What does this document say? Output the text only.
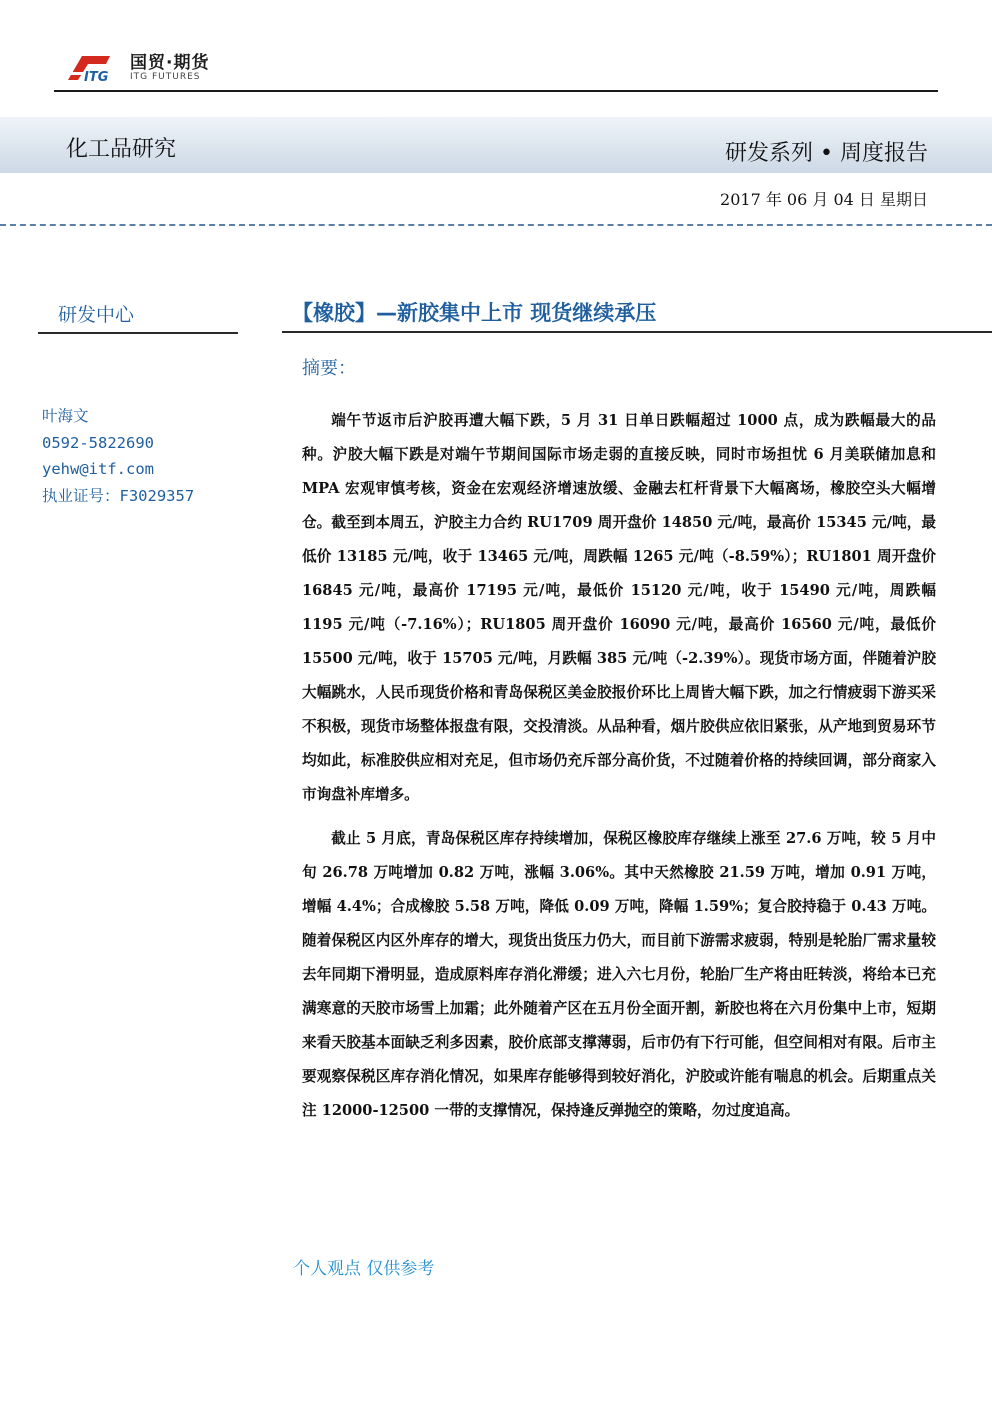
ITG
国贸·期货
ITG FUTURES
化工品研究	研发系列 • 周度报告
2017 年 06 月 04 日 星期日
研发中心
叶海文
0592-5822690
yehw@itf.com
执业证号：F3029357
【橡胶】—新胶集中上市 现货继续承压
摘要：

端午节返市后沪胶再遭大幅下跌，5 月 31 日单日跌幅超过 1000 点，成为跌幅最大的品种。沪胶大幅下跌是对端午节期间国际市场走弱的直接反映，同时市场担忧 6 月美联储加息和 MPA 宏观审慎考核，资金在宏观经济增速放缓、金融去杠杆背景下大幅离场，橡胶空头大幅增仓。截至到本周五，沪胶主力合约 RU1709 周开盘价 14850 元/吨，最高价 15345 元/吨，最低价 13185 元/吨，收于 13465 元/吨，周跌幅 1265 元/吨（-8.59%）；RU1801 周开盘价 16845 元/吨，最高价 17195 元/吨，最低价 15120 元/吨，收于 15490 元/吨，周跌幅 1195 元/吨（-7.16%）；RU1805 周开盘价 16090 元/吨，最高价 16560 元/吨，最低价 15500 元/吨，收于 15705 元/吨，月跌幅 385 元/吨（-2.39%）。现货市场方面，伴随着沪胶大幅跳水，人民币现货价格和青岛保税区美金胶报价环比上周皆大幅下跌，加之行情疲弱下游买采不积极，现货市场整体报盘有限，交投清淡。从品种看，烟片胶供应依旧紧张，从产地到贸易环节均如此，标准胶供应相对充足，但市场仍充斥部分高价货，不过随着价格的持续回调，部分商家入市询盘补库增多。

截止 5 月底，青岛保税区库存持续增加，保税区橡胶库存继续上涨至 27.6 万吨，较 5 月中旬 26.78 万吨增加 0.82 万吨，涨幅 3.06%。其中天然橡胶 21.59 万吨，增加 0.91 万吨，增幅 4.4%；合成橡胶 5.58 万吨，降低 0.09 万吨，降幅 1.59%；复合胶持稳于 0.43 万吨。随着保税区内区外库存的增大，现货出货压力仍大，而目前下游需求疲弱，特别是轮胎厂需求量较去年同期下滑明显，造成原料库存消化滞缓；进入六七月份，轮胎厂生产将由旺转淡，将给本已充满寒意的天胶市场雪上加霜；此外随着产区在五月份全面开割，新胶也将在六月份集中上市，短期来看天胶基本面缺乏利多因素，胶价底部支撑薄弱，后市仍有下行可能，但空间相对有限。后市主要观察保税区库存消化情况，如果库存能够得到较好消化，沪胶或许能有喘息的机会。后期重点关注 12000-12500 一带的支撑情况，保持逢反弹抛空的策略，勿过度追高。

个人观点 仅供参考
